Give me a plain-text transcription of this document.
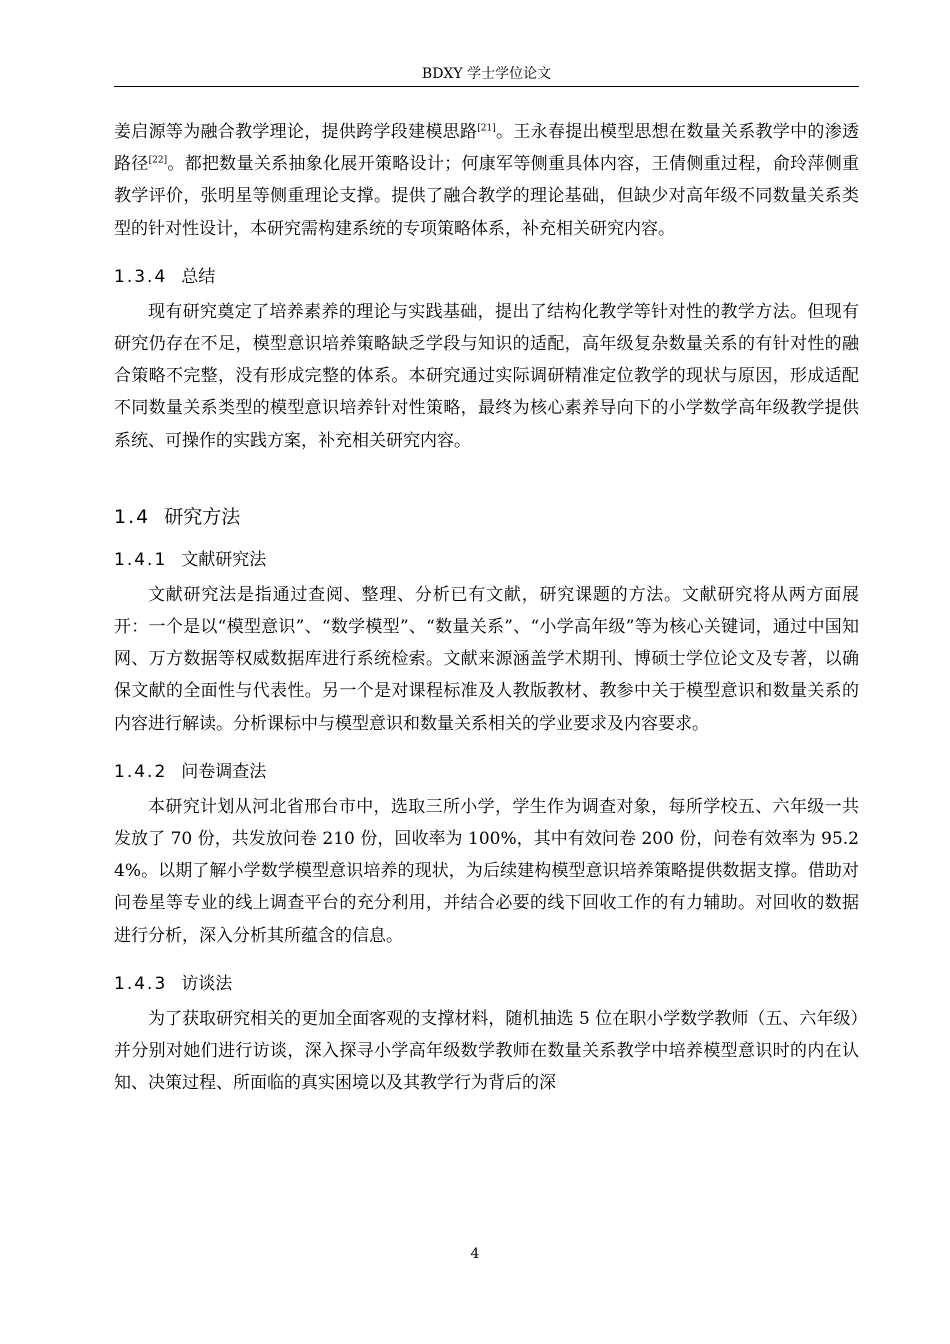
BDXY 学士学位论文

姜启源等为融合教学理论，提供跨学段建模思路[21]。王永春提出模型思想在数量关系教学中的渗透路径[22]。都把数量关系抽象化展开策略设计；何康军等侧重具体内容，王倩侧重过程，俞玲萍侧重教学评价，张明星等侧重理论支撑。提供了融合教学的理论基础，但缺少对高年级不同数量关系类型的针对性设计，本研究需构建系统的专项策略体系，补充相关研究内容。

1.3.4 总结

现有研究奠定了培养素养的理论与实践基础，提出了结构化教学等针对性的教学方法。但现有研究仍存在不足，模型意识培养策略缺乏学段与知识的适配，高年级复杂数量关系的有针对性的融合策略不完整，没有形成完整的体系。本研究通过实际调研精准定位教学的现状与原因，形成适配不同数量关系类型的模型意识培养针对性策略，最终为核心素养导向下的小学数学高年级教学提供系统、可操作的实践方案，补充相关研究内容。

1.4 研究方法
1.4.1 文献研究法

文献研究法是指通过查阅、整理、分析已有文献，研究课题的方法。文献研究将从两方面展开：一个是以“模型意识”、“数学模型”、“数量关系”、“小学高年级”等为核心关键词，通过中国知网、万方数据等权威数据库进行系统检索。文献来源涵盖学术期刊、博硕士学位论文及专著，以确保文献的全面性与代表性。另一个是对课程标准及人教版教材、教参中关于模型意识和数量关系的内容进行解读。分析课标中与模型意识和数量关系相关的学业要求及内容要求。

1.4.2 问卷调查法

本研究计划从河北省邢台市中，选取三所小学，学生作为调查对象，每所学校五、六年级一共发放了 70 份，共发放问卷 210 份，回收率为 100%，其中有效问卷 200 份，问卷有效率为 95.24%。以期了解小学数学模型意识培养的现状，为后续建构模型意识培养策略提供数据支撑。借助对问卷星等专业的线上调查平台的充分利用，并结合必要的线下回收工作的有力辅助。对回收的数据进行分析，深入分析其所蕴含的信息。

1.4.3 访谈法

为了获取研究相关的更加全面客观的支撑材料，随机抽选 5 位在职小学数学教师（五、六年级）并分别对她们进行访谈，深入探寻小学高年级数学教师在数量关系教学中培养模型意识时的内在认知、决策过程、所面临的真实困境以及其教学行为背后的深

4
